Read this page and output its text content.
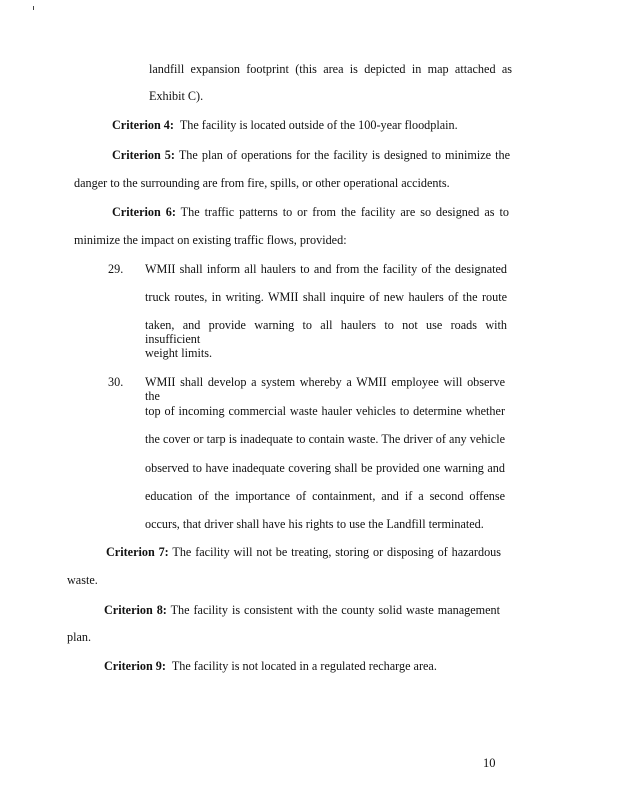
landfill expansion footprint (this area is depicted in map attached as
Exhibit C).
Criterion 4: The facility is located outside of the 100-year floodplain.
Criterion 5: The plan of operations for the facility is designed to minimize the
danger to the surrounding are from fire, spills, or other operational accidents.
Criterion 6: The traffic patterns to or from the facility are so designed as to
minimize the impact on existing traffic flows, provided:
29. WMII shall inform all haulers to and from the facility of the designated
truck routes, in writing. WMII shall inquire of new haulers of the route
taken, and provide warning to all haulers to not use roads with insufficient
weight limits.
30. WMII shall develop a system whereby a WMII employee will observe the
top of incoming commercial waste hauler vehicles to determine whether
the cover or tarp is inadequate to contain waste. The driver of any vehicle
observed to have inadequate covering shall be provided one warning and
education of the importance of containment, and if a second offense
occurs, that driver shall have his rights to use the Landfill terminated.
Criterion 7: The facility will not be treating, storing or disposing of hazardous
waste.
Criterion 8: The facility is consistent with the county solid waste management
plan.
Criterion 9: The facility is not located in a regulated recharge area.
10
